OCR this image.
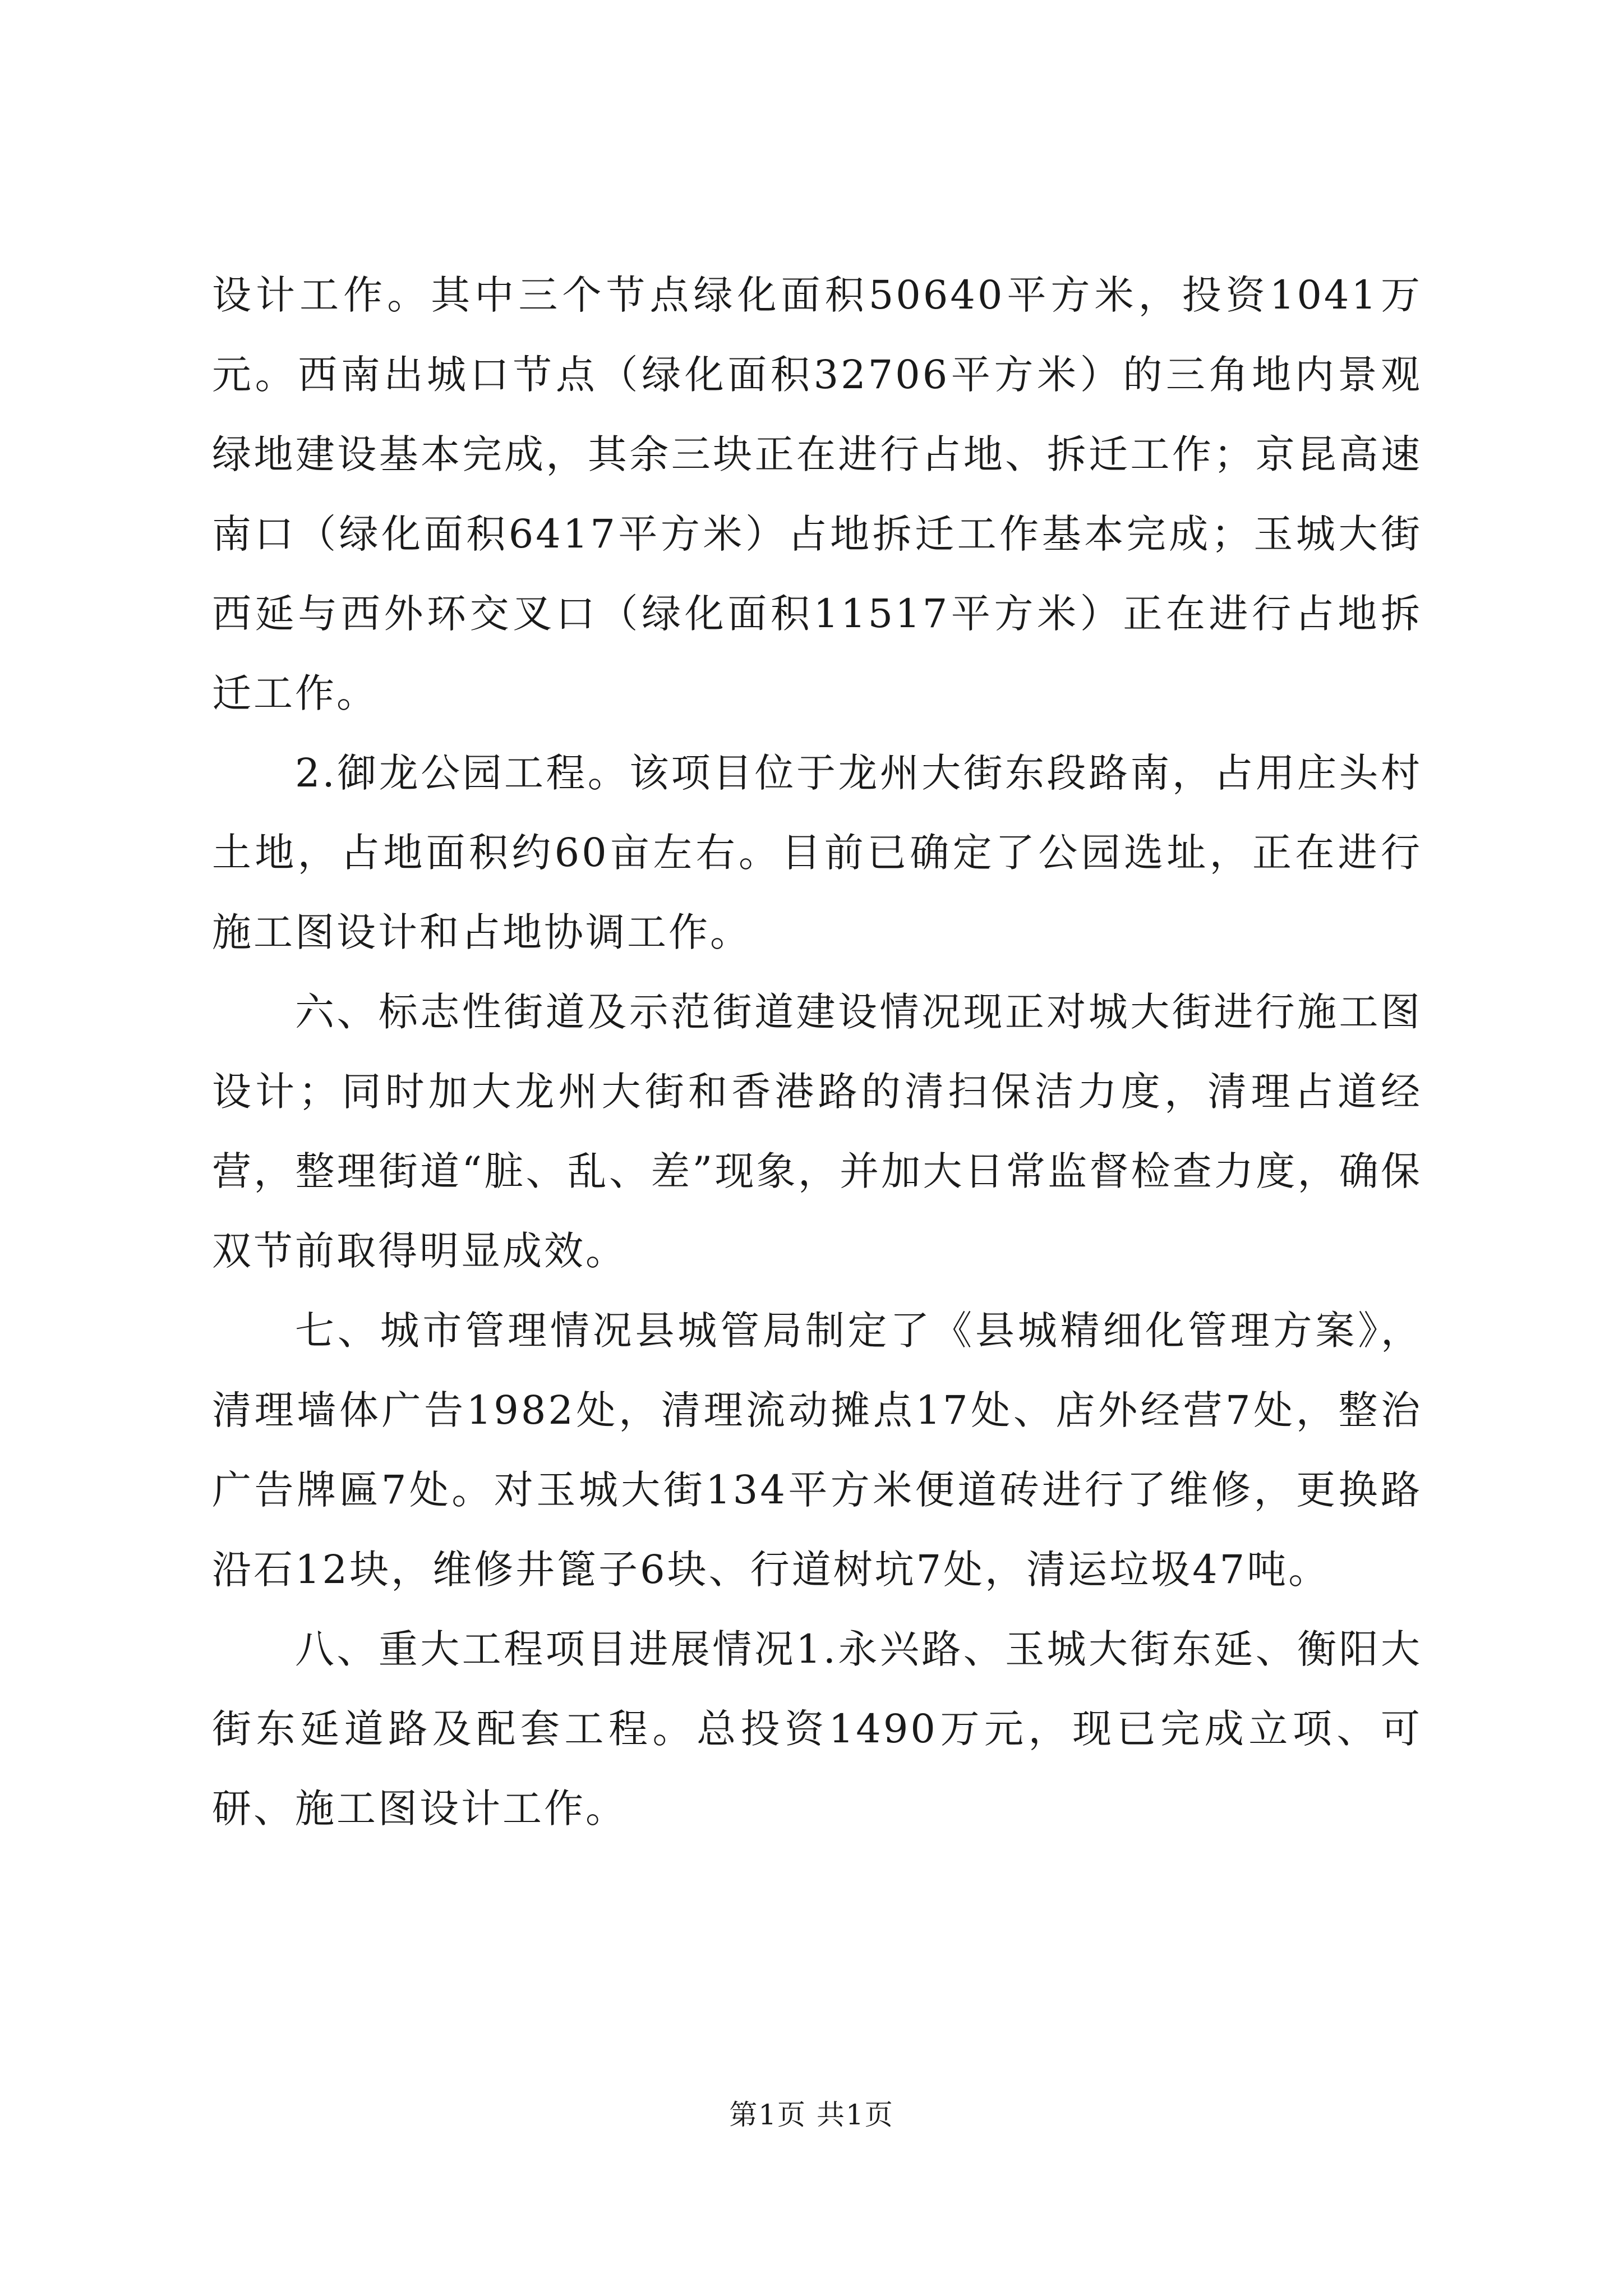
设计工作。其中三个节点绿化面积50640平方米，投资1041万元。西南出城口节点（绿化面积32706平方米）的三角地内景观绿地建设基本完成，其余三块正在进行占地、拆迁工作；京昆高速南口（绿化面积6417平方米）占地拆迁工作基本完成；玉城大街西延与西外环交叉口（绿化面积11517平方米）正在进行占地拆迁工作。

2.御龙公园工程。该项目位于龙州大街东段路南，占用庄头村土地，占地面积约60亩左右。目前已确定了公园选址，正在进行施工图设计和占地协调工作。

六、标志性街道及示范街道建设情况现正对城大街进行施工图设计；同时加大龙州大街和香港路的清扫保洁力度，清理占道经营，整理街道“脏、乱、差”现象，并加大日常监督检查力度，确保双节前取得明显成效。

七、城市管理情况县城管局制定了《县城精细化管理方案》，清理墙体广告1982处，清理流动摊点17处、店外经营7处，整治广告牌匾7处。对玉城大街134平方米便道砖进行了维修，更换路沿石12块，维修井篦子6块、行道树坑7处，清运垃圾47吨。

八、重大工程项目进展情况1.永兴路、玉城大街东延、衡阳大街东延道路及配套工程。总投资1490万元，现已完成立项、可研、施工图设计工作。

第1页 共1页
